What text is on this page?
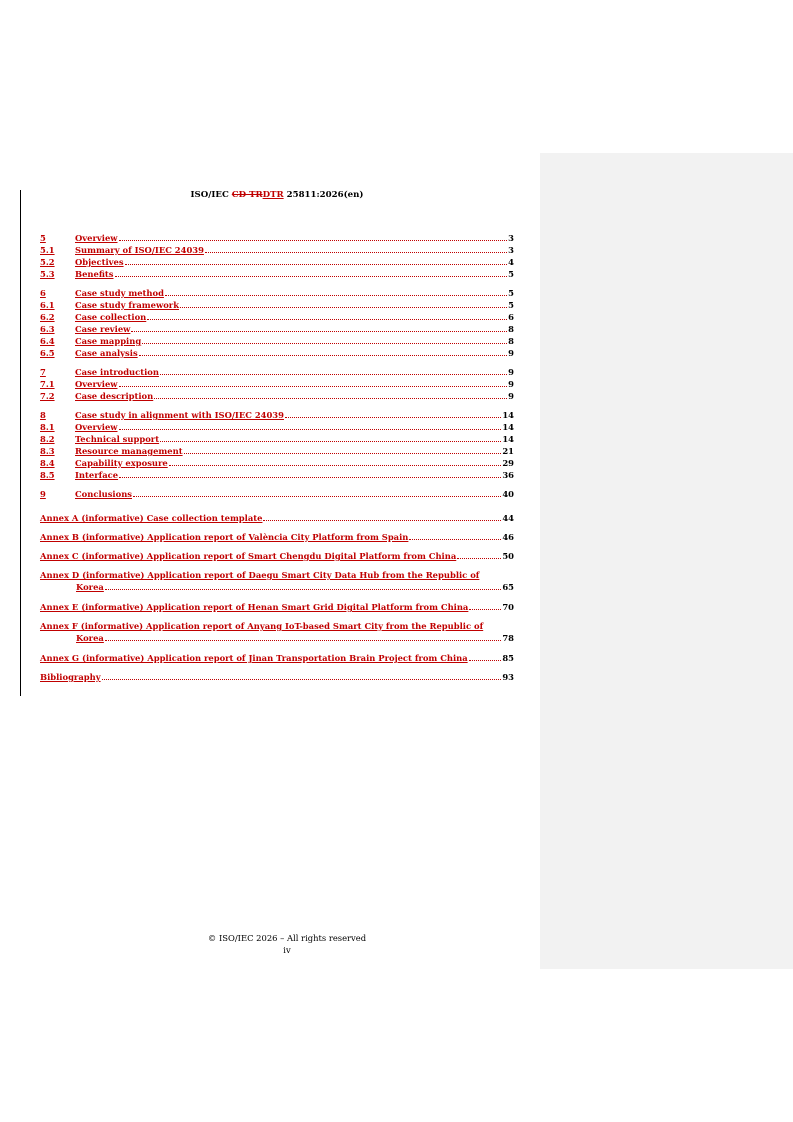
ISO/IEC CD TRDTR 25811:2026(en)
5	Overview	3
5.1	Summary of ISO/IEC 24039	3
5.2	Objectives	4
5.3	Benefits	5
6	Case study method	5
6.1	Case study framework	5
6.2	Case collection	6
6.3	Case review	8
6.4	Case mapping	8
6.5	Case analysis	9
7	Case introduction	9
7.1	Overview	9
7.2	Case description	9
8	Case study in alignment with ISO/IEC 24039	14
8.1	Overview	14
8.2	Technical support	14
8.3	Resource management	21
8.4	Capability exposure	29
8.5	Interface	36
9	Conclusions	40
Annex A (informative) Case collection template	44
Annex B (informative) Application report of València City Platform from Spain	46
Annex C (informative) Application report of Smart Chengdu Digital Platform from China	50
Annex D (informative) Application report of Daegu Smart City Data Hub from the Republic of
Korea	65
Annex E (informative) Application report of Henan Smart Grid Digital Platform from China	70
Annex F (informative) Application report of Anyang IoT-based Smart City from the Republic of
Korea	78
Annex G (informative) Application report of Jinan Transportation Brain Project from China	85
Bibliography	93
© ISO/IEC 2026 – All rights reserved
iv
